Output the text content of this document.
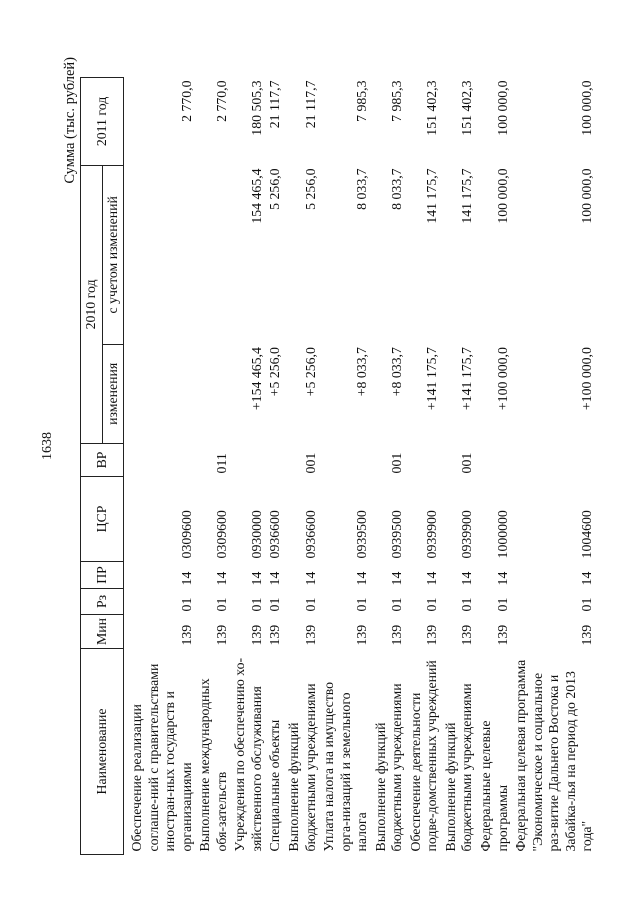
1638
Сумма (тыс. рублей)
Наименование	Мин	Рз	ПР	ЦСР	ВР	2010 год		2011 год
						изменения	с учетом изменений	
Обеспечение реализации соглаше-ний с правительствами иностран-ных государств и организациями	139	01	14	0309600				2 770,0
Выполнение международных обя-зательств	139	01	14	0309600	011			2 770,0
Учреждения по обеспечению хо-зяйственного обслуживания	139	01	14	0930000		+154 465,4	154 465,4	180 505,3
Специальные объекты	139	01	14	0936600		+5 256,0	5 256,0	21 117,7
Выполнение функций бюджетными учреждениями	139	01	14	0936600	001	+5 256,0	5 256,0	21 117,7
Уплата налога на имущество орга-низаций и земельного налога	139	01	14	0939500		+8 033,7	8 033,7	7 985,3
Выполнение функций бюджетными учреждениями	139	01	14	0939500	001	+8 033,7	8 033,7	7 985,3
Обеспечение деятельности подве-домственных учреждений	139	01	14	0939900		+141 175,7	141 175,7	151 402,3
Выполнение функций бюджетными учреждениями	139	01	14	0939900	001	+141 175,7	141 175,7	151 402,3
Федеральные целевые программы	139	01	14	1000000		+100 000,0	100 000,0	100 000,0
Федеральная целевая программа "Экономическое и социальное раз-витие Дальнего Востока и Забайка-лья на период до 2013 года"	139	01	14	1004600		+100 000,0	100 000,0	100 000,0
